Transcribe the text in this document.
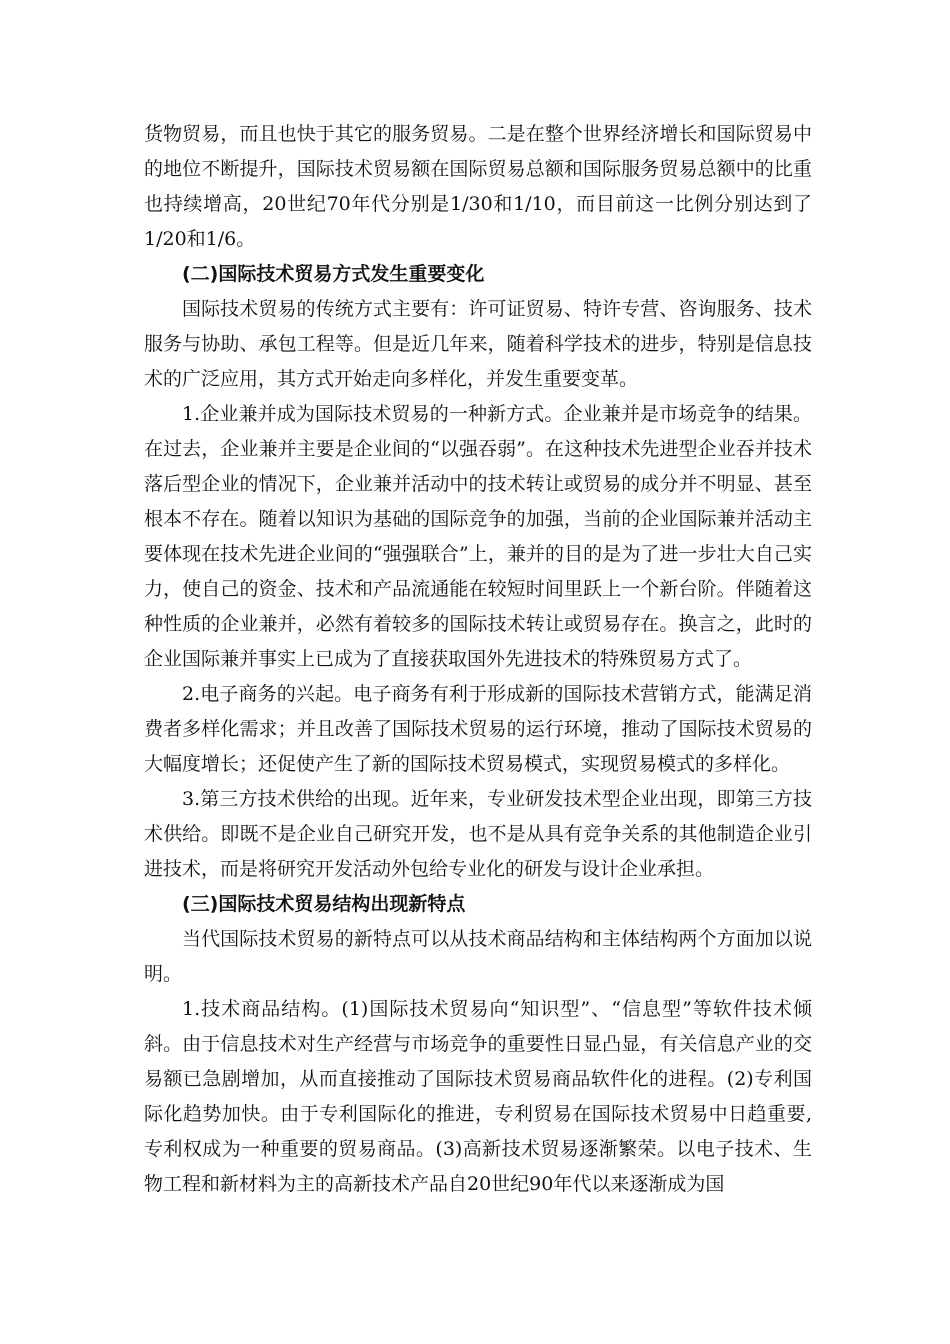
货物贸易，而且也快于其它的服务贸易。二是在整个世界经济增长和国际贸易中的地位不断提升，国际技术贸易额在国际贸易总额和国际服务贸易总额中的比重也持续增高，20世纪70年代分别是1/30和1/10，而目前这一比例分别达到了1/20和1/6。

(二)国际技术贸易方式发生重要变化

国际技术贸易的传统方式主要有：许可证贸易、特许专营、咨询服务、技术服务与协助、承包工程等。但是近几年来，随着科学技术的进步，特别是信息技术的广泛应用，其方式开始走向多样化，并发生重要变革。

1.企业兼并成为国际技术贸易的一种新方式。企业兼并是市场竞争的结果。在过去，企业兼并主要是企业间的“以强吞弱”。在这种技术先进型企业吞并技术落后型企业的情况下，企业兼并活动中的技术转让或贸易的成分并不明显、甚至根本不存在。随着以知识为基础的国际竞争的加强，当前的企业国际兼并活动主要体现在技术先进企业间的“强强联合”上，兼并的目的是为了进一步壮大自己实力，使自己的资金、技术和产品流通能在较短时间里跃上一个新台阶。伴随着这种性质的企业兼并，必然有着较多的国际技术转让或贸易存在。换言之，此时的企业国际兼并事实上已成为了直接获取国外先进技术的特殊贸易方式了。

2.电子商务的兴起。电子商务有利于形成新的国际技术营销方式，能满足消费者多样化需求；并且改善了国际技术贸易的运行环境，推动了国际技术贸易的大幅度增长；还促使产生了新的国际技术贸易模式，实现贸易模式的多样化。

3.第三方技术供给的出现。近年来，专业研发技术型企业出现，即第三方技术供给。即既不是企业自己研究开发，也不是从具有竞争关系的其他制造企业引进技术，而是将研究开发活动外包给专业化的研发与设计企业承担。

(三)国际技术贸易结构出现新特点

当代国际技术贸易的新特点可以从技术商品结构和主体结构两个方面加以说明。

1.技术商品结构。(1)国际技术贸易向“知识型”、“信息型”等软件技术倾斜。由于信息技术对生产经营与市场竞争的重要性日显凸显，有关信息产业的交易额已急剧增加，从而直接推动了国际技术贸易商品软件化的进程。(2)专利国际化趋势加快。由于专利国际化的推进，专利贸易在国际技术贸易中日趋重要,专利权成为一种重要的贸易商品。(3)高新技术贸易逐渐繁荣。以电子技术、生物工程和新材料为主的高新技术产品自20世纪90年代以来逐渐成为国
